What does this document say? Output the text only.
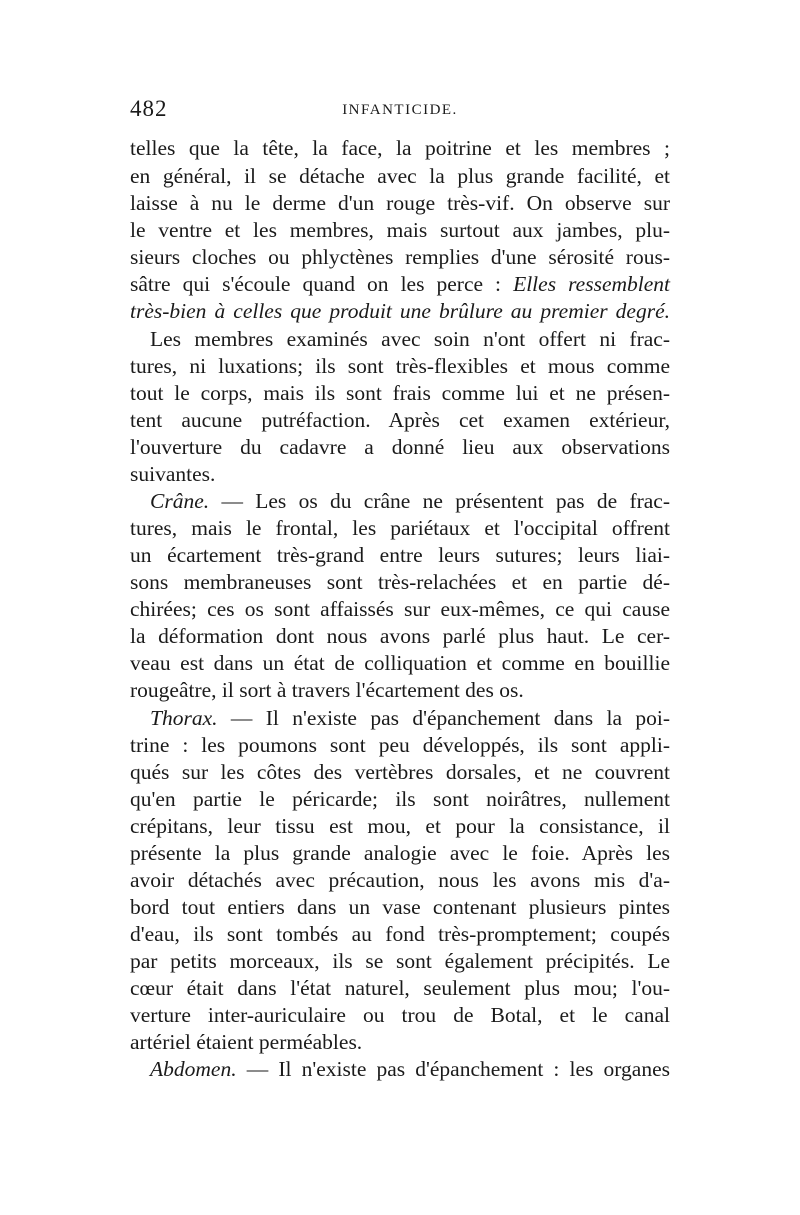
482	INFANTICIDE.
telles que la tête, la face, la poitrine et les membres ;
en général, il se détache avec la plus grande facilité, et
laisse à nu le derme d'un rouge très-vif. On observe sur
le ventre et les membres, mais surtout aux jambes, plu-
sieurs cloches ou phlyctènes remplies d'une sérosité rous-
sâtre qui s'écoule quand on les perce : Elles ressemblent
très-bien à celles que produit une brûlure au premier degré.
Les membres examinés avec soin n'ont offert ni frac-
tures, ni luxations; ils sont très-flexibles et mous comme
tout le corps, mais ils sont frais comme lui et ne présen-
tent aucune putréfaction. Après cet examen extérieur,
l'ouverture du cadavre a donné lieu aux observations
suivantes.
Crâne. — Les os du crâne ne présentent pas de frac-
tures, mais le frontal, les pariétaux et l'occipital offrent
un écartement très-grand entre leurs sutures; leurs liai-
sons membraneuses sont très-relachées et en partie dé-
chirées; ces os sont affaissés sur eux-mêmes, ce qui cause
la déformation dont nous avons parlé plus haut. Le cer-
veau est dans un état de colliquation et comme en bouillie
rougeâtre, il sort à travers l'écartement des os.
Thorax. — Il n'existe pas d'épanchement dans la poi-
trine : les poumons sont peu développés, ils sont appli-
qués sur les côtes des vertèbres dorsales, et ne couvrent
qu'en partie le péricarde; ils sont noirâtres, nullement
crépitans, leur tissu est mou, et pour la consistance, il
présente la plus grande analogie avec le foie. Après les
avoir détachés avec précaution, nous les avons mis d'a-
bord tout entiers dans un vase contenant plusieurs pintes
d'eau, ils sont tombés au fond très-promptement; coupés
par petits morceaux, ils se sont également précipités. Le
cœur était dans l'état naturel, seulement plus mou; l'ou-
verture inter-auriculaire ou trou de Botal, et le canal
artériel étaient perméables.
Abdomen. — Il n'existe pas d'épanchement : les organes
